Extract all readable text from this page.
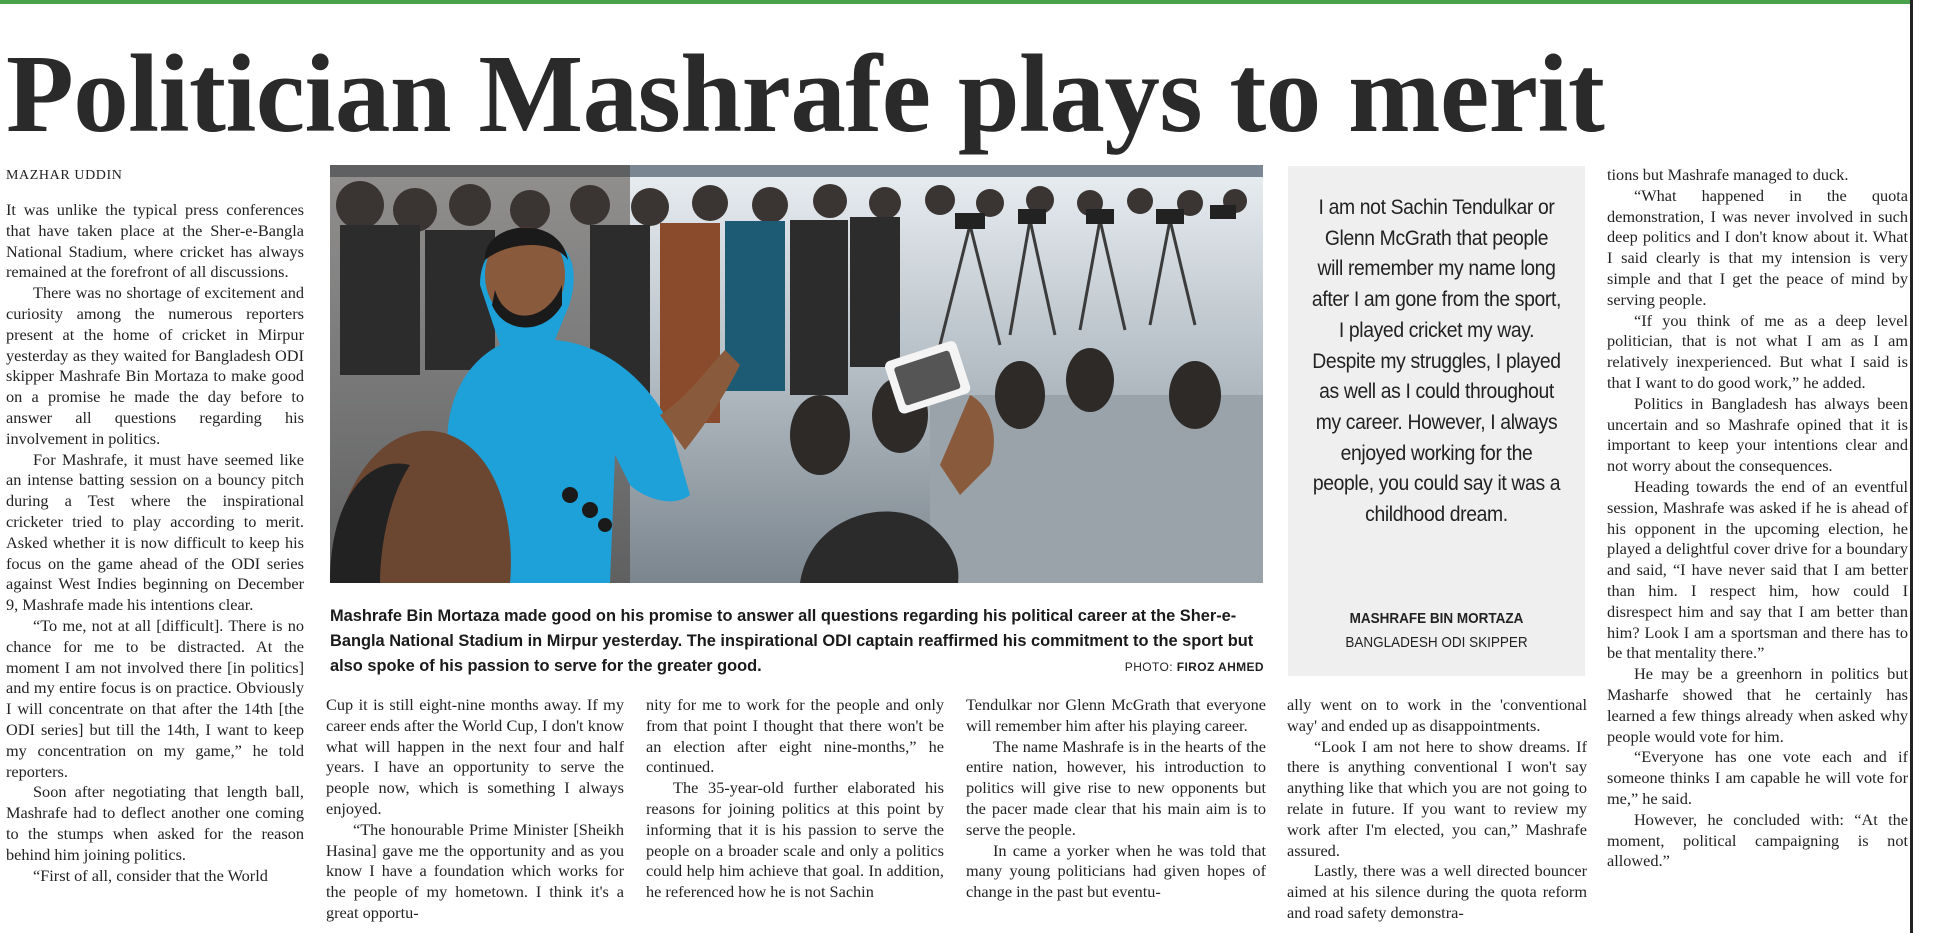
Politician Mashrafe plays to merit
MAZHAR UDDIN

It was unlike the typical press conferences that have taken place at the Sher-e-Bangla National Stadium, where cricket has always remained at the forefront of all discussions.

There was no shortage of excitement and curiosity among the numerous reporters present at the home of cricket in Mirpur yesterday as they waited for Bangladesh ODI skipper Mashrafe Bin Mortaza to make good on a promise he made the day before to answer all questions regarding his involvement in politics.

For Mashrafe, it must have seemed like an intense batting session on a bouncy pitch during a Test where the inspirational cricketer tried to play according to merit. Asked whether it is now difficult to keep his focus on the game ahead of the ODI series against West Indies beginning on December 9, Mashrafe made his intentions clear.

“To me, not at all [difficult]. There is no chance for me to be distracted. At the moment I am not involved there [in politics] and my entire focus is on practice. Obviously I will concentrate on that after the 14th [the ODI series] but till the 14th, I want to keep my concentration on my game,” he told reporters.

Soon after negotiating that length ball, Mashrafe had to deflect another one coming to the stumps when asked for the reason behind him joining politics.

“First of all, consider that the World

Mashrafe Bin Mortaza made good on his promise to answer all questions regarding his political career at the Sher-e-Bangla National Stadium in Mirpur yesterday. The inspirational ODI captain reaffirmed his commitment to the sport but also spoke of his passion to serve for the greater good.	PHOTO: FIROZ AHMED
I am not Sachin Tendulkar or Glenn McGrath that people will remember my name long after I am gone from the sport, I played cricket my way. Despite my struggles, I played as well as I could throughout my career. However, I always enjoyed working for the people, you could say it was a childhood dream.
MASHRAFE BIN MORTAZA
BANGLADESH ODI SKIPPER

Cup it is still eight-nine months away. If my career ends after the World Cup, I don't know what will happen in the next four and half years. I have an opportunity to serve the people now, which is something I always enjoyed.

“The honourable Prime Minister [Sheikh Hasina] gave me the opportunity and as you know I have a foundation which works for the people of my hometown. I think it's a great opportu-

nity for me to work for the people and only from that point I thought that there won't be an election after eight nine-months,” he continued.

The 35-year-old further elaborated his reasons for joining politics at this point by informing that it is his passion to serve the people on a broader scale and only a politics could help him achieve that goal. In addition, he referenced how he is not Sachin

Tendulkar nor Glenn McGrath that everyone will remember him after his playing career.

The name Mashrafe is in the hearts of the entire nation, however, his introduction to politics will give rise to new opponents but the pacer made clear that his main aim is to serve the people.

In came a yorker when he was told that many young politicians had given hopes of change in the past but eventu-

ally went on to work in the 'conventional way' and ended up as disappointments.

“Look I am not here to show dreams. If there is anything conventional I won't say anything like that which you are not going to relate in future. If you want to review my work after I'm elected, you can,” Mashrafe assured.

Lastly, there was a well directed bouncer aimed at his silence during the quota reform and road safety demonstra-

tions but Mashrafe managed to duck.

“What happened in the quota demonstration, I was never involved in such deep politics and I don't know about it. What I said clearly is that my intension is very simple and that I get the peace of mind by serving people.

“If you think of me as a deep level politician, that is not what I am as I am relatively inexperienced. But what I said is that I want to do good work,” he added.

Politics in Bangladesh has always been uncertain and so Mashrafe opined that it is important to keep your intentions clear and not worry about the consequences.

Heading towards the end of an eventful session, Mashrafe was asked if he is ahead of his opponent in the upcoming election, he played a delightful cover drive for a boundary and said, “I have never said that I am better than him. I respect him, how could I disrespect him and say that I am better than him? Look I am a sportsman and there has to be that mentality there.”

He may be a greenhorn in politics but Masharfe showed that he certainly has learned a few things already when asked why people would vote for him.

“Everyone has one vote each and if someone thinks I am capable he will vote for me,” he said.

However, he concluded with: “At the moment, political campaigning is not allowed.”
